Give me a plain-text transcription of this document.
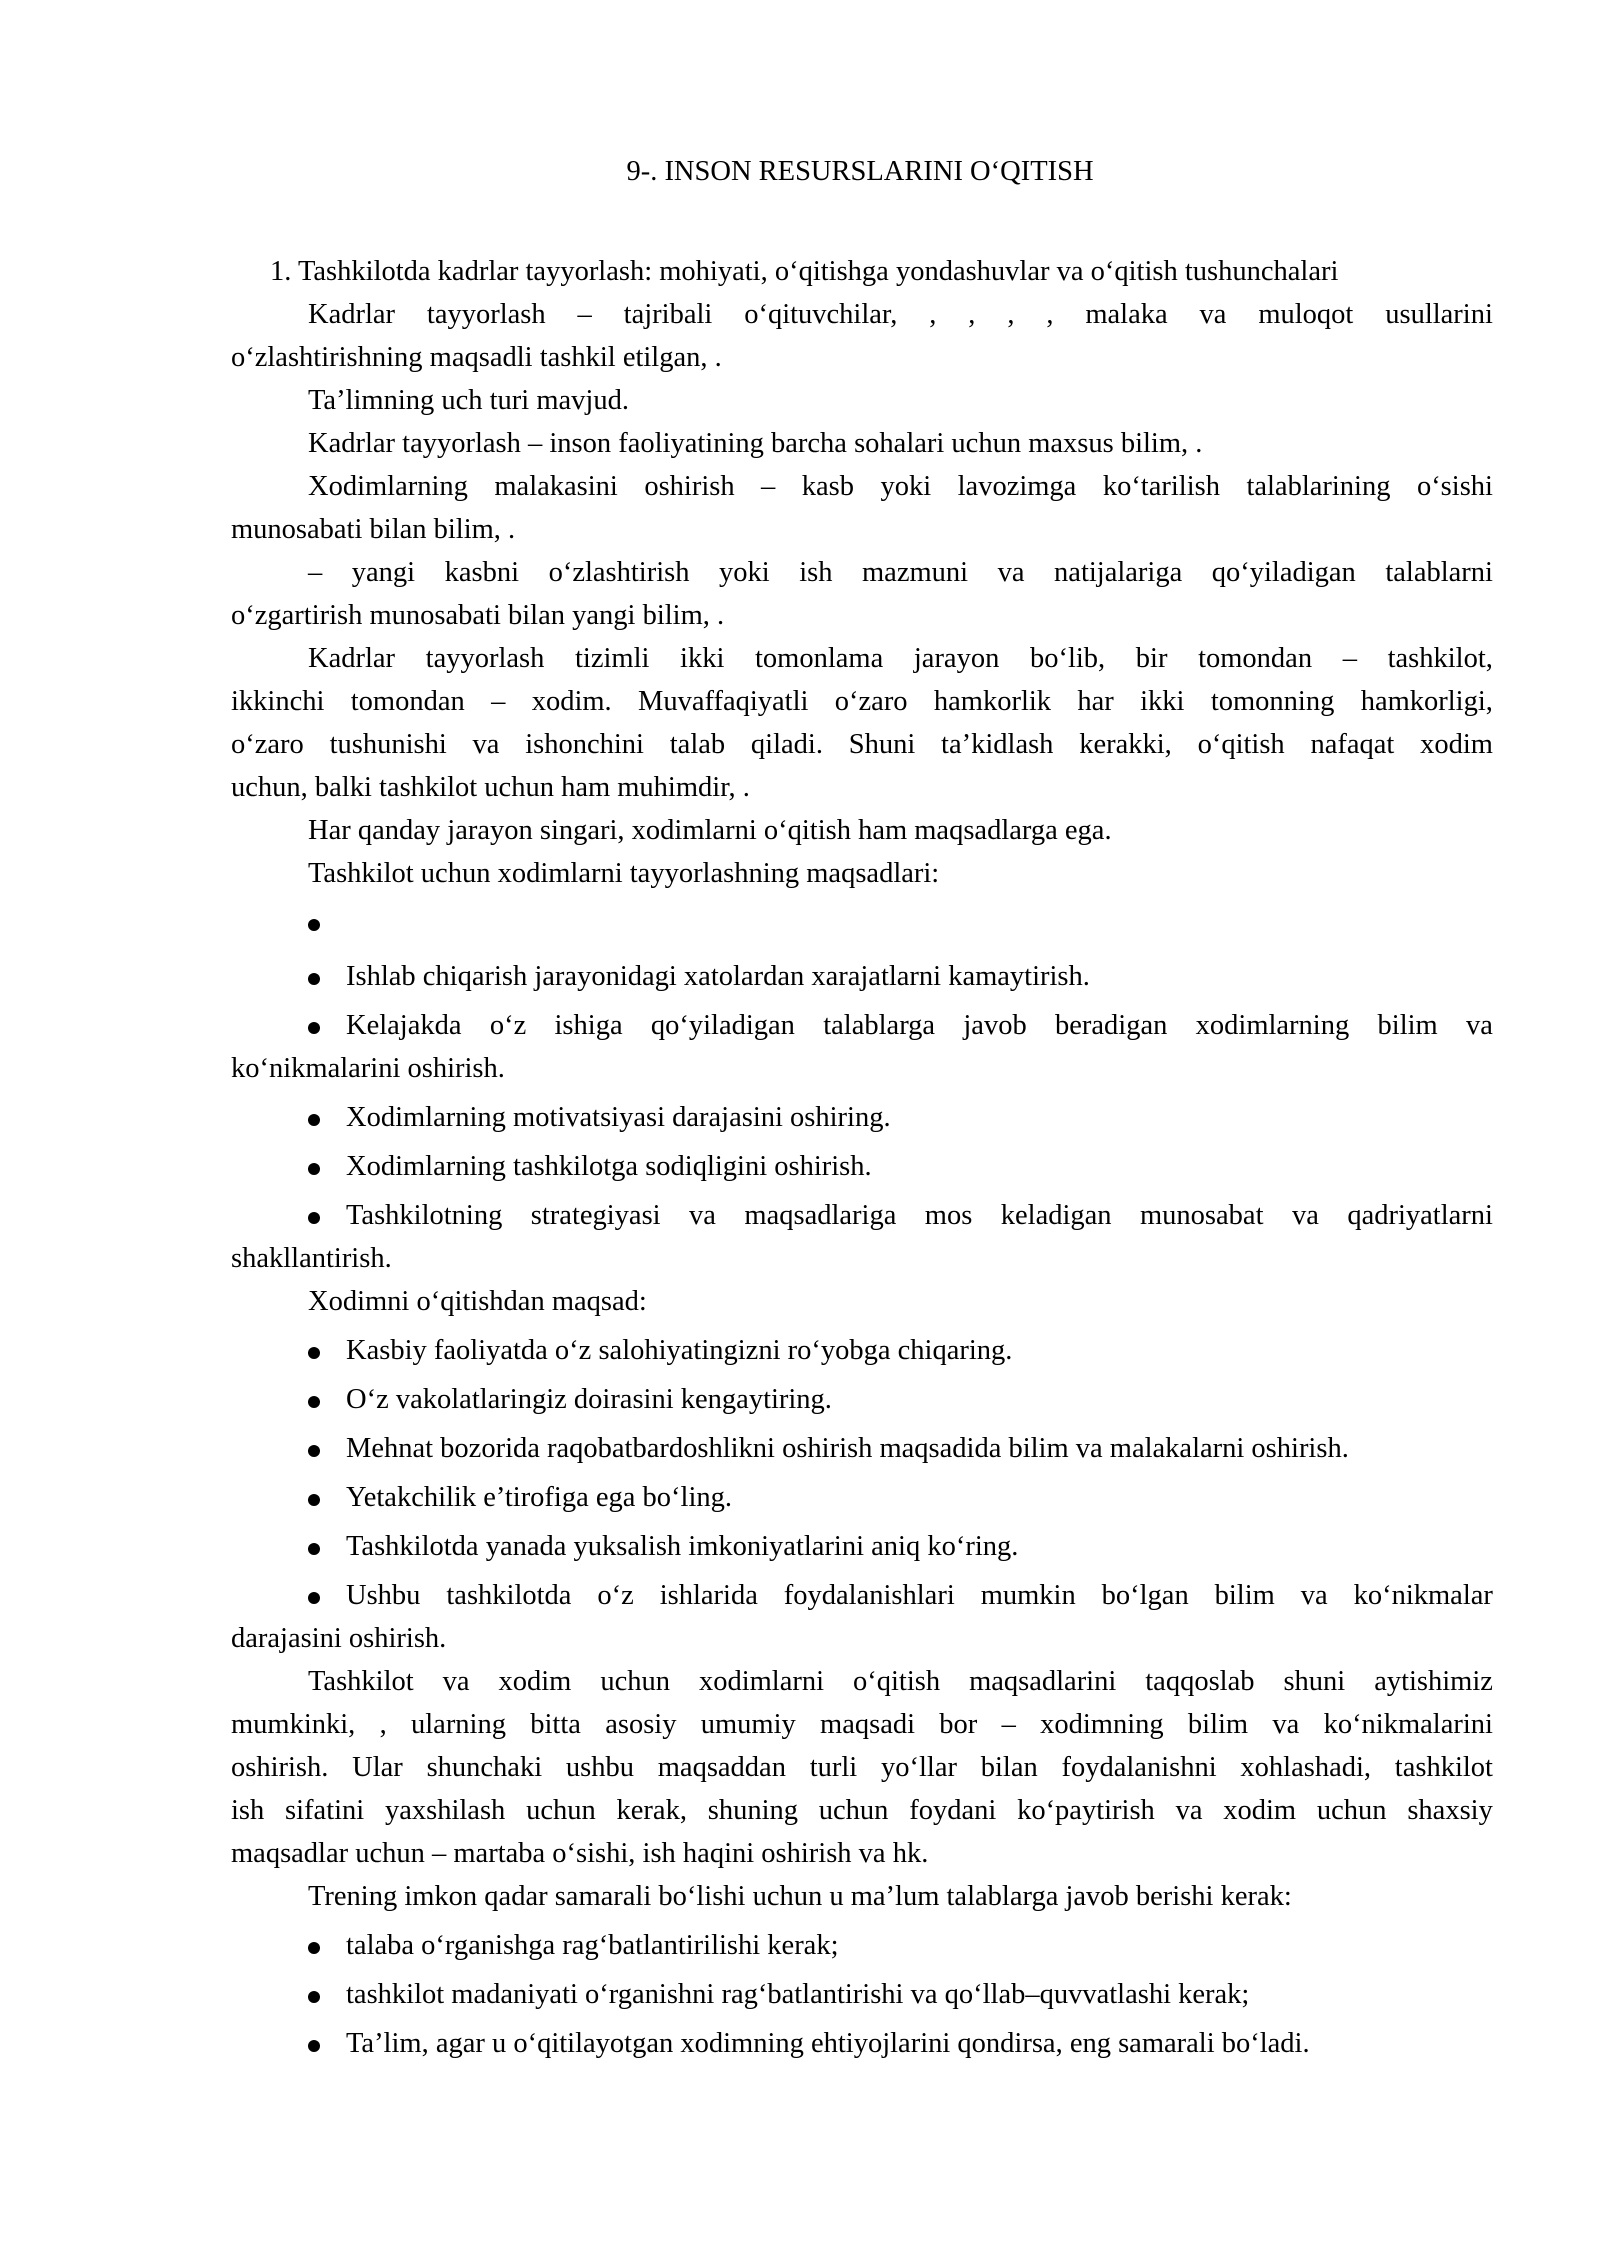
9-. INSON RESURSLARINI O‘QITISH
1. Tashkilotda kadrlar tayyorlash: mohiyati, o‘qitishga yondashuvlar va o‘qitish tushunchalari
Kadrlar tayyorlash – tajribali o‘qituvchilar, , , , , malaka va muloqot usullarini
o‘zlashtirishning maqsadli tashkil etilgan, .
Ta’limning uch turi mavjud.
Kadrlar tayyorlash – inson faoliyatining barcha sohalari uchun maxsus bilim, .
Xodimlarning malakasini oshirish – kasb yoki lavozimga ko‘tarilish talablarining o‘sishi
munosabati bilan bilim, .
– yangi kasbni o‘zlashtirish yoki ish mazmuni va natijalariga qo‘yiladigan talablarni
o‘zgartirish munosabati bilan yangi bilim, .
Kadrlar tayyorlash tizimli ikki tomonlama jarayon bo‘lib, bir tomondan – tashkilot,
ikkinchi tomondan – xodim. Muvaffaqiyatli o‘zaro hamkorlik har ikki tomonning hamkorligi,
o‘zaro tushunishi va ishonchini talab qiladi. Shuni ta’kidlash kerakki, o‘qitish nafaqat xodim
uchun, balki tashkilot uchun ham muhimdir, .
Har qanday jarayon singari, xodimlarni o‘qitish ham maqsadlarga ega.
Tashkilot uchun xodimlarni tayyorlashning maqsadlari:
Ishlab chiqarish jarayonidagi xatolardan xarajatlarni kamaytirish.
Kelajakda o‘z ishiga qo‘yiladigan talablarga javob beradigan xodimlarning bilim va
ko‘nikmalarini oshirish.
Xodimlarning motivatsiyasi darajasini oshiring.
Xodimlarning tashkilotga sodiqligini oshirish.
Tashkilotning strategiyasi va maqsadlariga mos keladigan munosabat va qadriyatlarni
shakllantirish.
Xodimni o‘qitishdan maqsad:
Kasbiy faoliyatda o‘z salohiyatingizni ro‘yobga chiqaring.
O‘z vakolatlaringiz doirasini kengaytiring.
Mehnat bozorida raqobatbardoshlikni oshirish maqsadida bilim va malakalarni oshirish.
Yetakchilik e’tirofiga ega bo‘ling.
Tashkilotda yanada yuksalish imkoniyatlarini aniq ko‘ring.
Ushbu tashkilotda o‘z ishlarida foydalanishlari mumkin bo‘lgan bilim va ko‘nikmalar
darajasini oshirish.
Tashkilot va xodim uchun xodimlarni o‘qitish maqsadlarini taqqoslab shuni aytishimiz
mumkinki, , ularning bitta asosiy umumiy maqsadi bor – xodimning bilim va ko‘nikmalarini
oshirish. Ular shunchaki ushbu maqsaddan turli yo‘llar bilan foydalanishni xohlashadi, tashkilot
ish sifatini yaxshilash uchun kerak, shuning uchun foydani ko‘paytirish va xodim uchun shaxsiy
maqsadlar uchun – martaba o‘sishi, ish haqini oshirish va hk.
Trening imkon qadar samarali bo‘lishi uchun u ma’lum talablarga javob berishi kerak:
talaba o‘rganishga rag‘batlantirilishi kerak;
tashkilot madaniyati o‘rganishni rag‘batlantirishi va qo‘llab–quvvatlashi kerak;
Ta’lim, agar u o‘qitilayotgan xodimning ehtiyojlarini qondirsa, eng samarali bo‘ladi.
